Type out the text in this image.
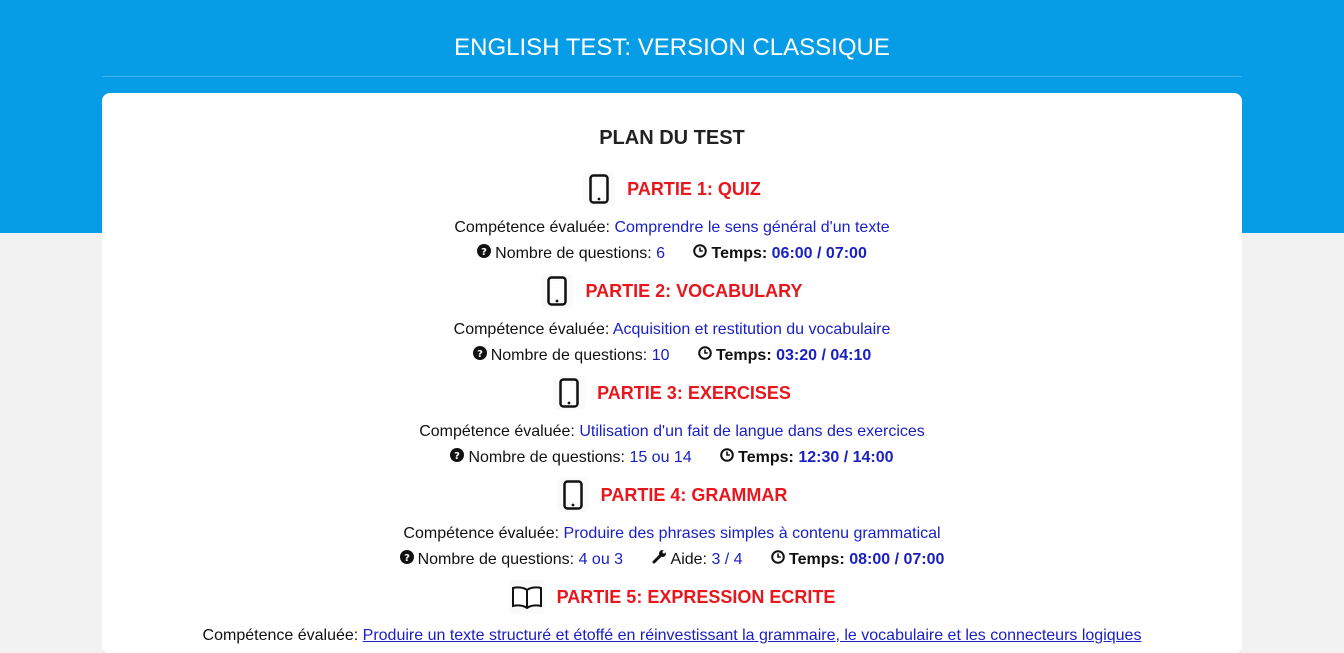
ENGLISH TEST: VERSION CLASSIQUE
PLAN DU TEST
PARTIE 1: QUIZ
Compétence évaluée: Comprendre le sens général d'un texte
? Nombre de questions:
6
	Temps:
06:00 / 07:00
PARTIE 2: VOCABULARY
Compétence évaluée: Acquisition et restitution du vocabulaire
? Nombre de questions:
10
	Temps:
03:20 / 04:10
PARTIE 3: EXERCISES
Compétence évaluée: Utilisation d'un fait de langue dans des exercices
? Nombre de questions:
15 ou 14
	Temps:
12:30 / 14:00
PARTIE 4: GRAMMAR
Compétence évaluée: Produire des phrases simples à contenu grammatical
? Nombre de questions:
4 ou 3
	Aide:
3 / 4
	Temps:
08:00 / 07:00
PARTIE 5: EXPRESSION ECRITE
Compétence évaluée: Produire un texte structuré et étoffé en réinvestissant la grammaire, le vocabulaire et les connecteurs logiques
